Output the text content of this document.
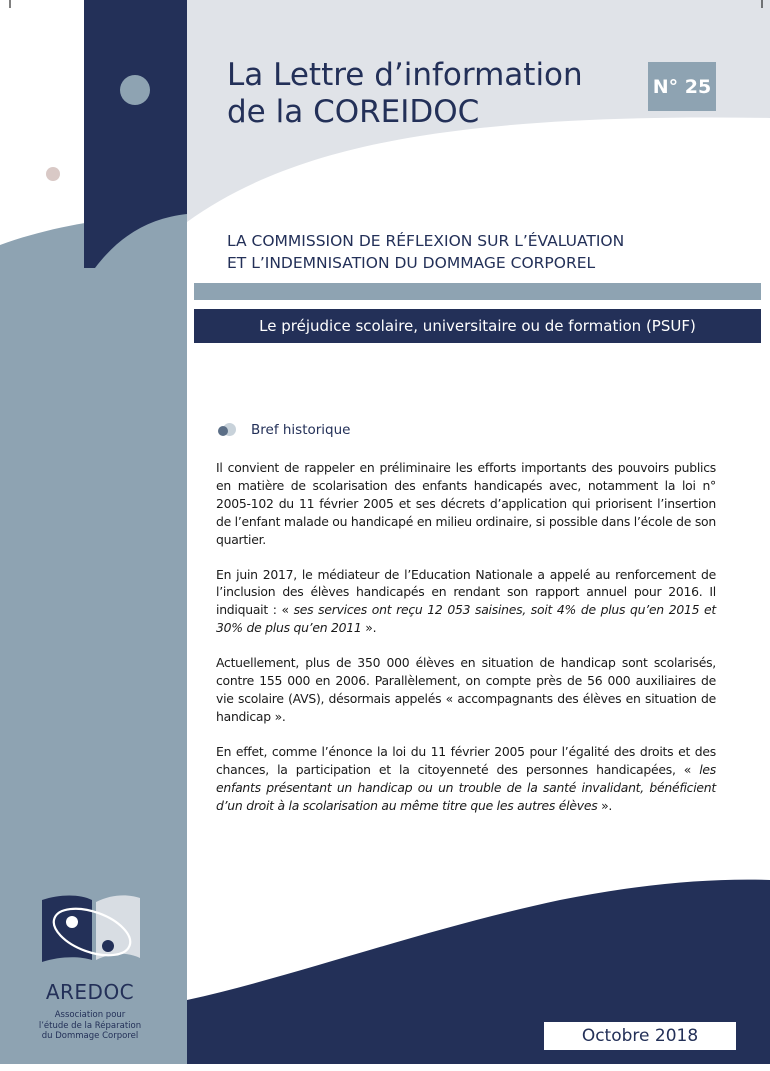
La Lettre d’information
de la COREIDOC
N° 25
LA COMMISSION DE RÉFLEXION SUR L’ÉVALUATION
ET L’INDEMNISATION DU DOMMAGE CORPOREL
Le préjudice scolaire, universitaire ou de formation (PSUF)
Bref historique

Il convient de rappeler en préliminaire les efforts importants des pouvoirs publics en matière de scolarisation des enfants handicapés avec, notamment la loi n° 2005-102 du 11 février 2005 et ses décrets d’application qui priorisent l’insertion de l’enfant malade ou handicapé en milieu ordinaire, si possible dans l’école de son quartier.

En juin 2017, le médiateur de l’Education Nationale a appelé au renforcement de l’inclusion des élèves handicapés en rendant son rapport annuel pour 2016. Il indiquait : « ses services ont reçu 12 053 saisines, soit 4% de plus qu’en 2015 et 30% de plus qu’en 2011 ».

Actuellement, plus de 350 000 élèves en situation de handicap sont scolarisés, contre 155 000 en 2006. Parallèlement, on compte près de 56 000 auxiliaires de vie scolaire (AVS), désormais appelés « accompagnants des élèves en situation de handicap ».

En effet, comme l’énonce la loi du 11 février 2005 pour l’égalité des droits et des chances, la participation et la citoyenneté des personnes handicapées, « les enfants présentant un handicap ou un trouble de la santé invalidant, bénéficient d’un droit à la scolarisation au même titre que les autres élèves ».

AREDOC
Association pour
l’étude de la Réparation
du Dommage Corporel	Octobre 2018
